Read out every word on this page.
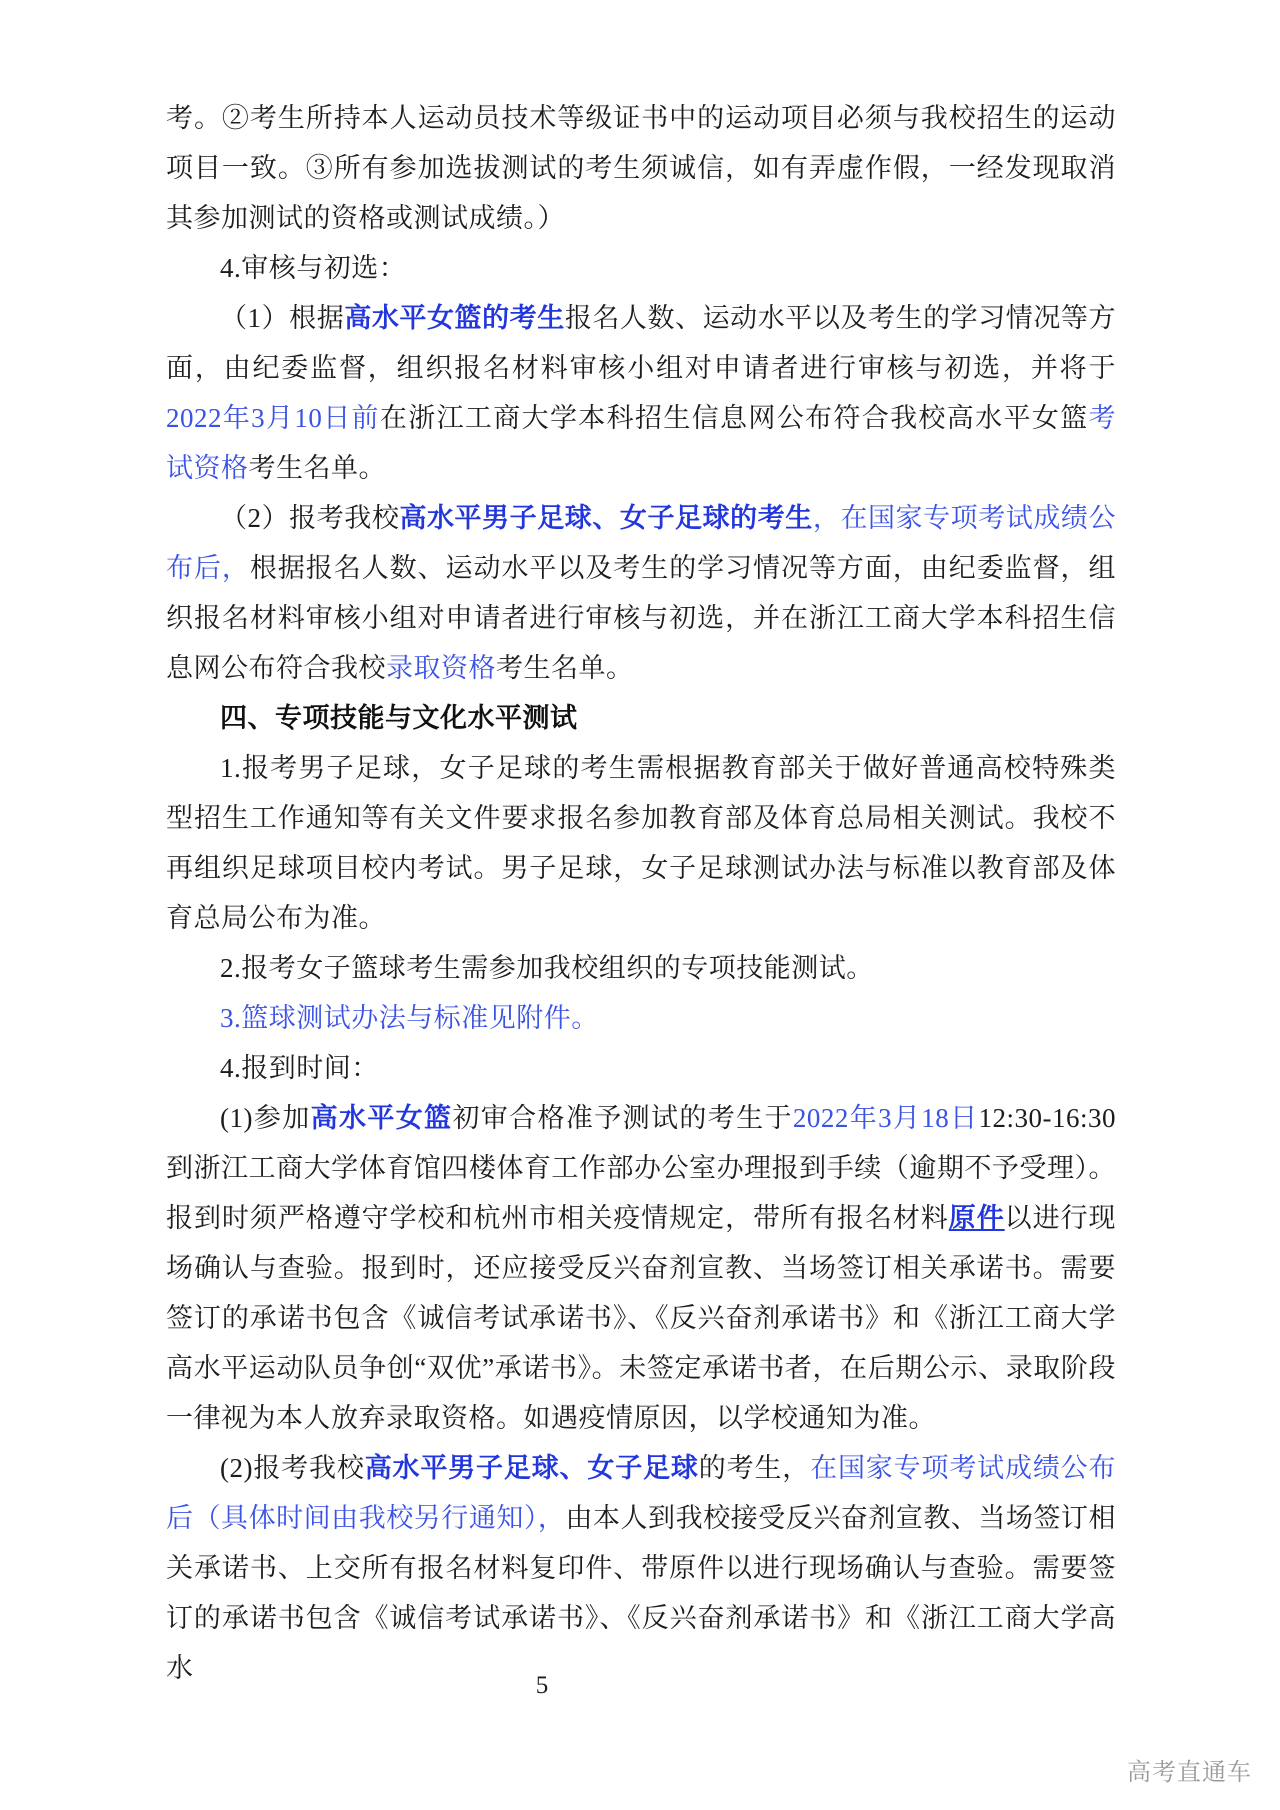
考。②考生所持本人运动员技术等级证书中的运动项目必须与我校招生的运动项目一致。③所有参加选拔测试的考生须诚信，如有弄虚作假，一经发现取消其参加测试的资格或测试成绩。）

4.审核与初选：

（1）根据高水平女篮的考生报名人数、运动水平以及考生的学习情况等方面，由纪委监督，组织报名材料审核小组对申请者进行审核与初选，并将于2022年3月10日前在浙江工商大学本科招生信息网公布符合我校高水平女篮考试资格考生名单。

（2）报考我校高水平男子足球、女子足球的考生，在国家专项考试成绩公布后，根据报名人数、运动水平以及考生的学习情况等方面，由纪委监督，组织报名材料审核小组对申请者进行审核与初选，并在浙江工商大学本科招生信息网公布符合我校录取资格考生名单。

四、专项技能与文化水平测试

1.报考男子足球，女子足球的考生需根据教育部关于做好普通高校特殊类型招生工作通知等有关文件要求报名参加教育部及体育总局相关测试。我校不再组织足球项目校内考试。男子足球，女子足球测试办法与标准以教育部及体育总局公布为准。

2.报考女子篮球考生需参加我校组织的专项技能测试。

3.篮球测试办法与标准见附件。

4.报到时间：

(1)参加高水平女篮初审合格准予测试的考生于2022年3月18日12:30-16:30到浙江工商大学体育馆四楼体育工作部办公室办理报到手续（逾期不予受理）。报到时须严格遵守学校和杭州市相关疫情规定，带所有报名材料原件以进行现场确认与查验。报到时，还应接受反兴奋剂宣教、当场签订相关承诺书。需要签订的承诺书包含《诚信考试承诺书》、《反兴奋剂承诺书》和《浙江工商大学高水平运动队员争创“双优”承诺书》。未签定承诺书者，在后期公示、录取阶段一律视为本人放弃录取资格。如遇疫情原因，以学校通知为准。

(2)报考我校高水平男子足球、女子足球的考生，在国家专项考试成绩公布后（具体时间由我校另行通知），由本人到我校接受反兴奋剂宣教、当场签订相关承诺书、上交所有报名材料复印件、带原件以进行现场确认与查验。需要签订的承诺书包含《诚信考试承诺书》、《反兴奋剂承诺书》和《浙江工商大学高水

5
高考直通车
